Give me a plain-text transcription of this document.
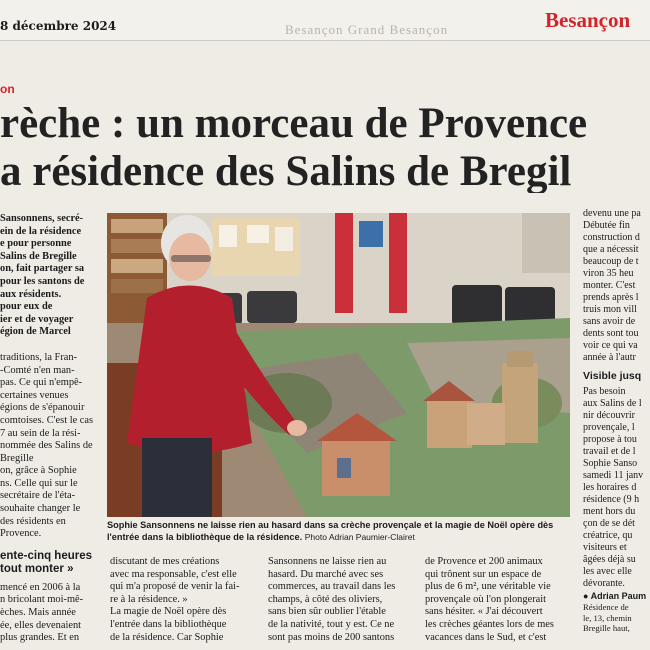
8 décembre 2024	Besançon Grand Besançon	Besançon
on
rèche : un morceau de Provence
a résidence des Salins de Bregil

Sansonnens, secré-

ein de la résidence

e pour personne

Salins de Bregille

on, fait partager sa

pour les santons de

aux résidents.

pour eux de

ier et de voyager

égion de Marcel

traditions, la Fran-

-Comté n'en man-

pas. Ce qui n'empê-

certaines venues

égions de s'épanouir

comtoises. C'est le cas

7 au sein de la rési-

nommée des Salins de Bregille

on, grâce à Sophie

ns. Celle qui sur le

secrétaire de l'éta-

souhaite changer le

des résidents en

Provence.

ente-cinq heures

tout monter »

mencé en 2006 à la

n bricolant moi-mê-

èches. Mais année

ée, elles devenaient

plus grandes. Et en

Sophie Sansonnens ne laisse rien au hasard dans sa crèche provençale et la magie de Noël opère dès l'entrée dans la bibliothèque de la résidence. Photo Adrian Paumier-Clairet

discutant de mes créations

avec ma responsable, c'est elle

qui m'a proposé de venir la fai-

re à la résidence. »

La magie de Noël opère dès

l'entrée dans la bibliothèque

de la résidence. Car Sophie

Sansonnens ne laisse rien au

hasard. Du marché avec ses

commerces, au travail dans les

champs, à côté des oliviers,

sans bien sûr oublier l'étable

de la nativité, tout y est. Ce ne

sont pas moins de 200 santons

de Provence et 200 animaux

qui trônent sur un espace de

plus de 6 m², une véritable vie

provençale où l'on plongerait

sans hésiter. « J'ai découvert

les crèches géantes lors de mes

vacances dans le Sud, et c'est

devenu une pa

Débutée fin

construction d

que a nécessit

beaucoup de t

viron 35 heu

monter. C'est

prends après l

truis mon vill

sans avoir de

dents sont tou

voir ce qui va

année à l'autr

Visible jusq

Pas besoin

aux Salins de l

nir découvrir

provençale, l

propose à tou

travail et de l

Sophie Sanso

samedi 11 janv

les horaires d

résidence (9 h

ment hors du

çon de se dét

créatrice, qu

visiteurs et

âgées déjà su

les avec elle

dévorante.

● Adrian Paum

Résidence de

le, 13, chemin

Bregille haut,
